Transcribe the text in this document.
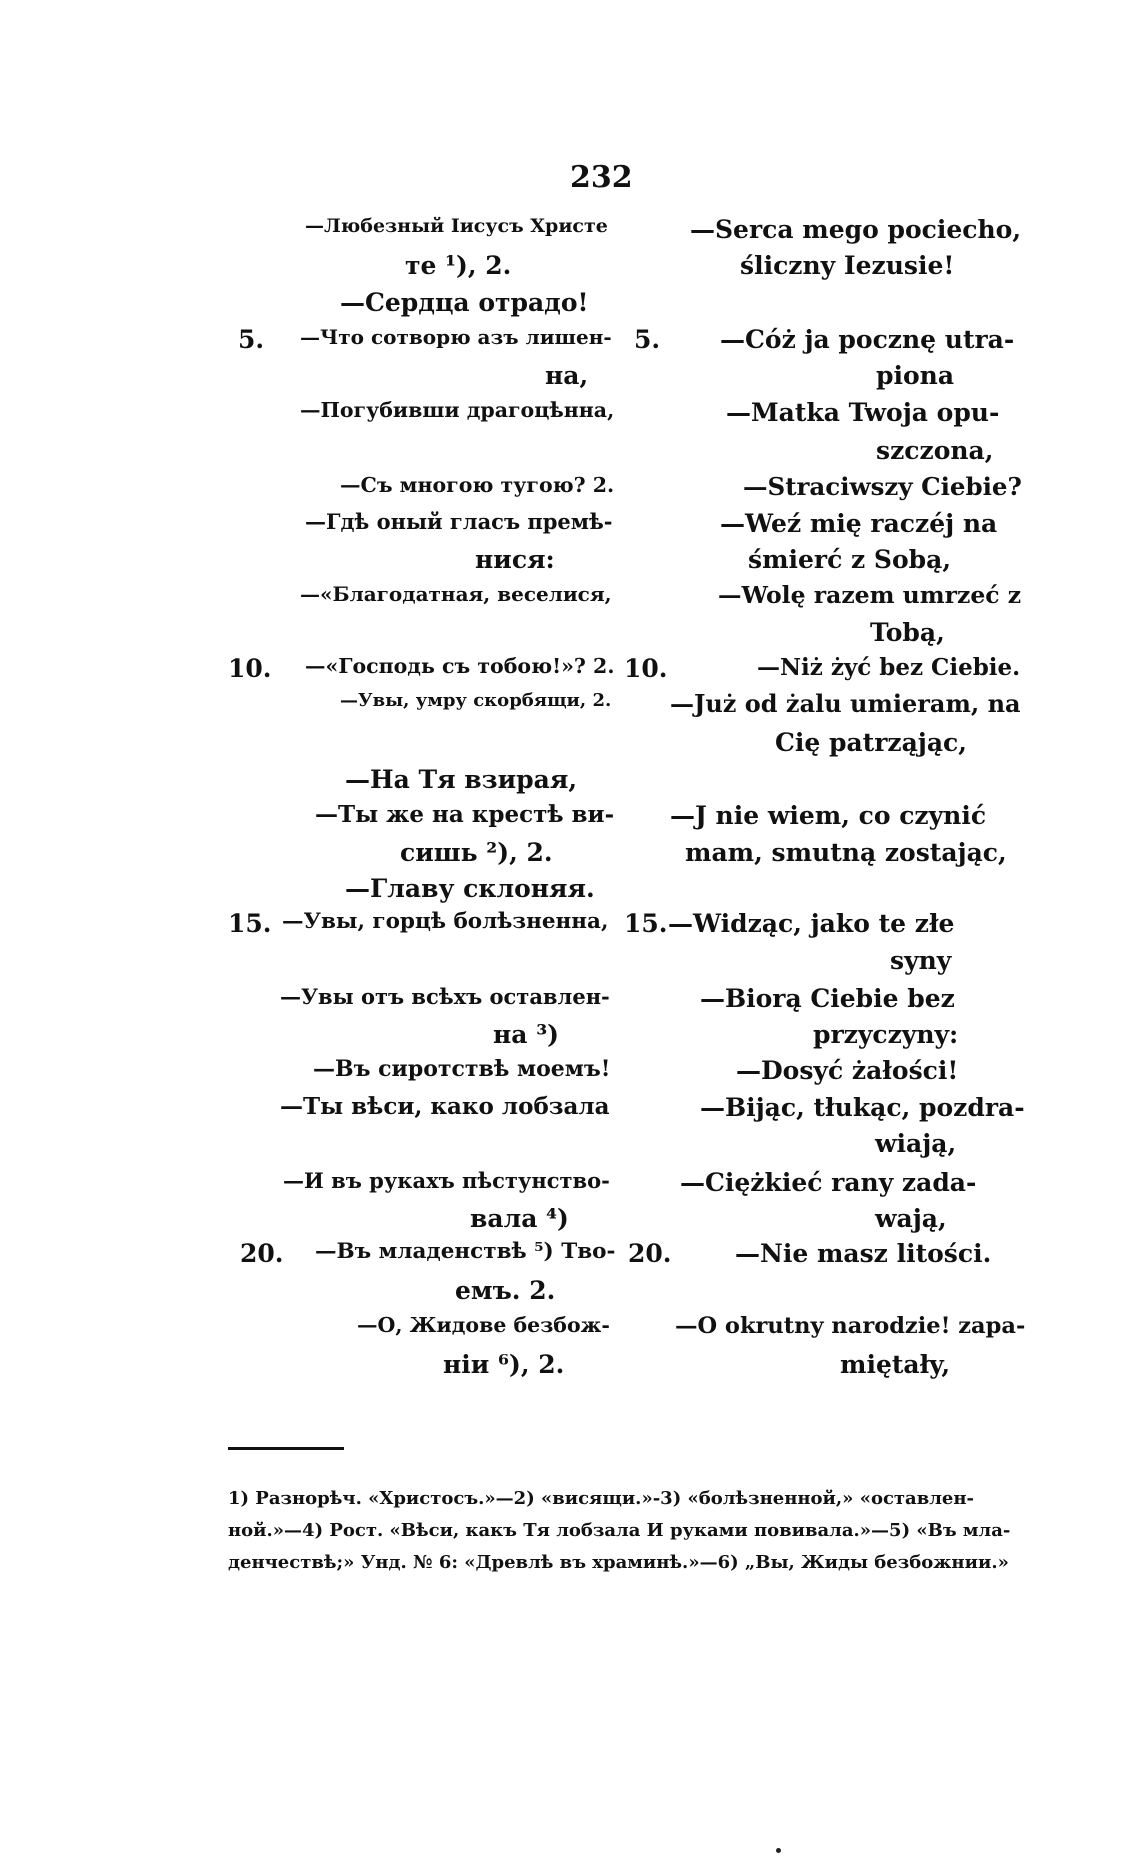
232
5.	5.
10.	10.
15.	15.
20.	20.
—Любезный Iисусъ Христе
те ¹), 2.
—Сердца отрадо!
—Что сотворю азъ лишен-
на,
—Погубивши драгоцѣнна,
—Съ многою тугою? 2.
—Гдѣ оный гласъ премѣ-
нися:
—«Благодатная, веселися,
—«Господь съ тобою!»? 2.
—Увы, умру скорбящи, 2.
—На Тя взирая,
—Ты же на крестѣ ви-
сишь ²), 2.
—Главу склоняя.
—Увы, горцѣ болѣзненна,
—Увы отъ всѣхъ оставлен-
на ³)
—Въ сиротствѣ моемъ!
—Ты вѣси, како лобзала
—И въ рукахъ пѣстунство-
вала ⁴)
—Въ младенствѣ ⁵) Тво-
емъ. 2.
—О, Жидове безбож-
нiи ⁶), 2.
—Serca mego pociecho,
śliczny Iezusie!
—Cóż ja pocznę utra-
piona
—Matka Twoja opu-
szczona,
—Straciwszy Ciebie?
—Weź mię raczéj na
śmierć z Sobą,
—Wolę razem umrzeć z
Tobą,
—Niż żyć bez Ciebie.
—Już od żalu umieram, na
Cię patrząjąc,
—J nie wiem, co czynić
mam, smutną zostając,
—Widząc, jako te złe
syny
—Biorą Ciebie bez
przyczyny:
—Dosyć żałości!
—Bijąc, tłukąc, pozdra-
wiają,
—Ciężkieć rany zada-
wają,
—Nie masz litości.
—O okrutny narodzie! zapa-
miętały,
1) Разнорѣч. «Христосъ.»—2) «висящи.»-3) «болѣзненной,» «оставлен-
ной.»—4) Рост. «Вѣси, какъ Тя лобзала И руками повивала.»—5) «Въ мла-
денчествѣ;» Унд. № 6: «Древлѣ въ храминѣ.»—6) „Вы, Жиды безбожнии.»
